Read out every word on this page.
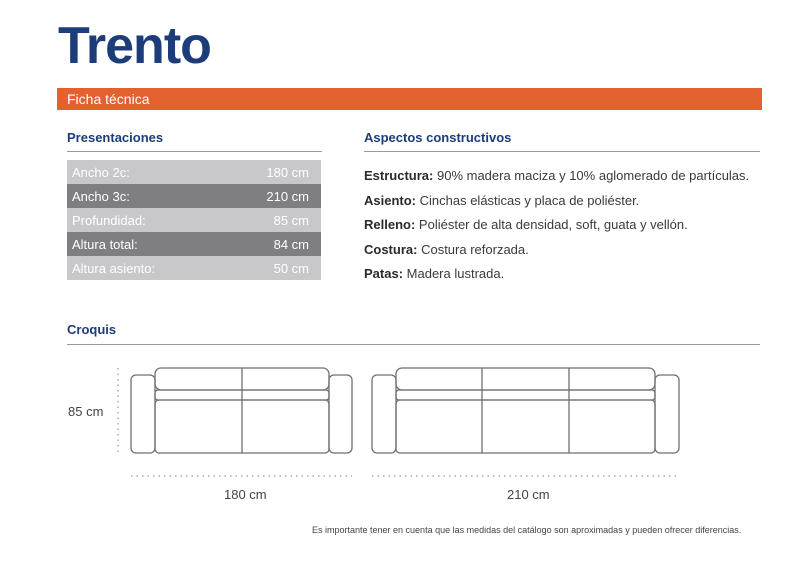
Trento
Ficha técnica
Presentaciones
Ancho 2c:	180 cm
Ancho 3c:	210 cm
Profundidad:	85 cm
Altura total:	84 cm
Altura asiento:	50 cm
Aspectos constructivos
Estructura: 90% madera maciza y 10% aglomerado de partículas.
Asiento: Cinchas elásticas y placa de poliéster.
Relleno: Poliéster de alta densidad, soft, guata y vellón.
Costura: Costura reforzada.
Patas: Madera lustrada.
Croquis
85 cm
180 cm	210 cm
Es importante tener en cuenta que las medidas del catálogo son aproximadas y pueden ofrecer diferencias.
